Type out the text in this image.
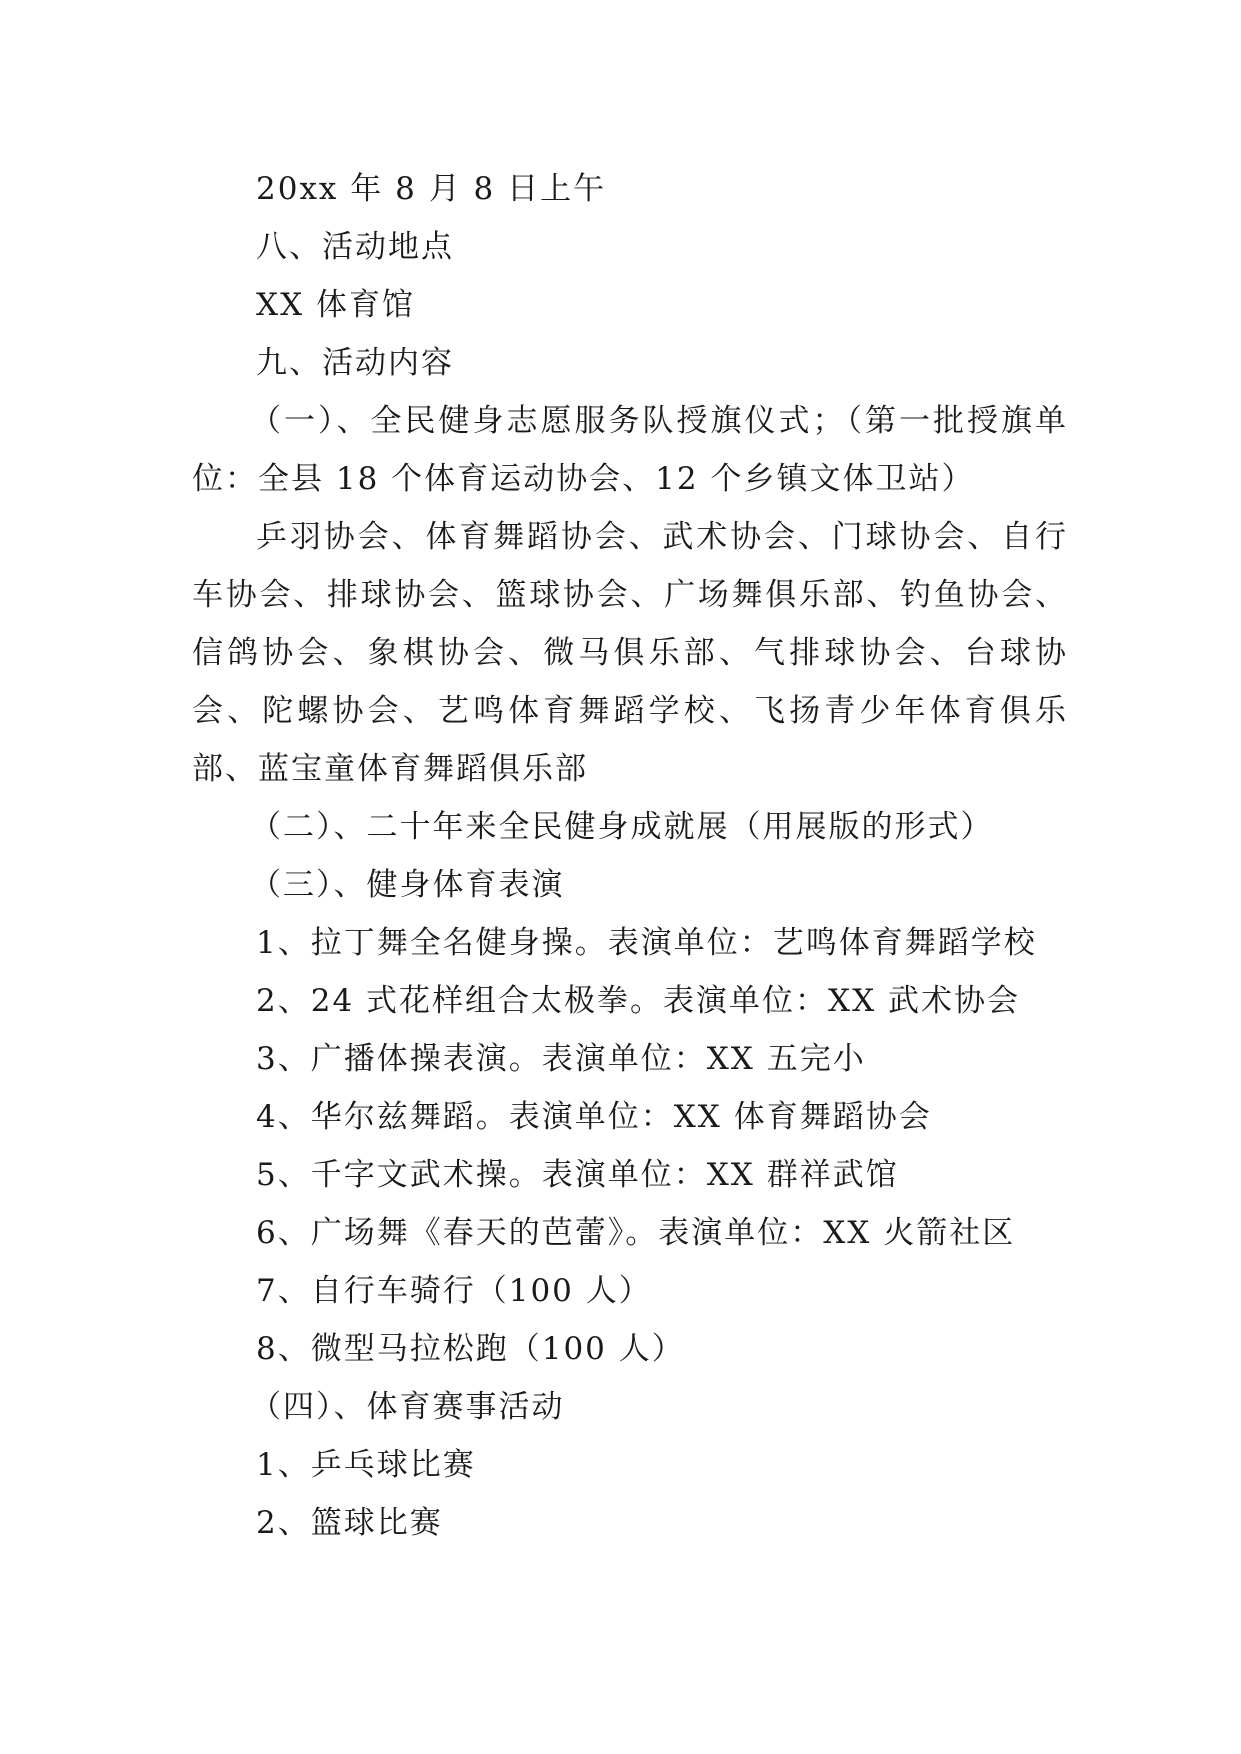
20xx 年 8 月 8 日上午
八、活动地点
XX 体育馆
九、活动内容
（一）、全民健身志愿服务队授旗仪式；（第一批授旗单位：全县 18 个体育运动协会、12 个乡镇文体卫站）
乒羽协会、体育舞蹈协会、武术协会、门球协会、自行车协会、排球协会、篮球协会、广场舞俱乐部、钓鱼协会、信鸽协会、象棋协会、微马俱乐部、气排球协会、台球协会、陀螺协会、艺鸣体育舞蹈学校、飞扬青少年体育俱乐部、蓝宝童体育舞蹈俱乐部
（二）、二十年来全民健身成就展（用展版的形式）
（三）、健身体育表演
1、拉丁舞全名健身操。表演单位：艺鸣体育舞蹈学校
2、24 式花样组合太极拳。表演单位：XX 武术协会
3、广播体操表演。表演单位：XX 五完小
4、华尔兹舞蹈。表演单位：XX 体育舞蹈协会
5、千字文武术操。表演单位：XX 群祥武馆
6、广场舞《春天的芭蕾》。表演单位：XX 火箭社区
7、自行车骑行（100 人）
8、微型马拉松跑（100 人）
（四）、体育赛事活动
1、乒乓球比赛
2、篮球比赛
